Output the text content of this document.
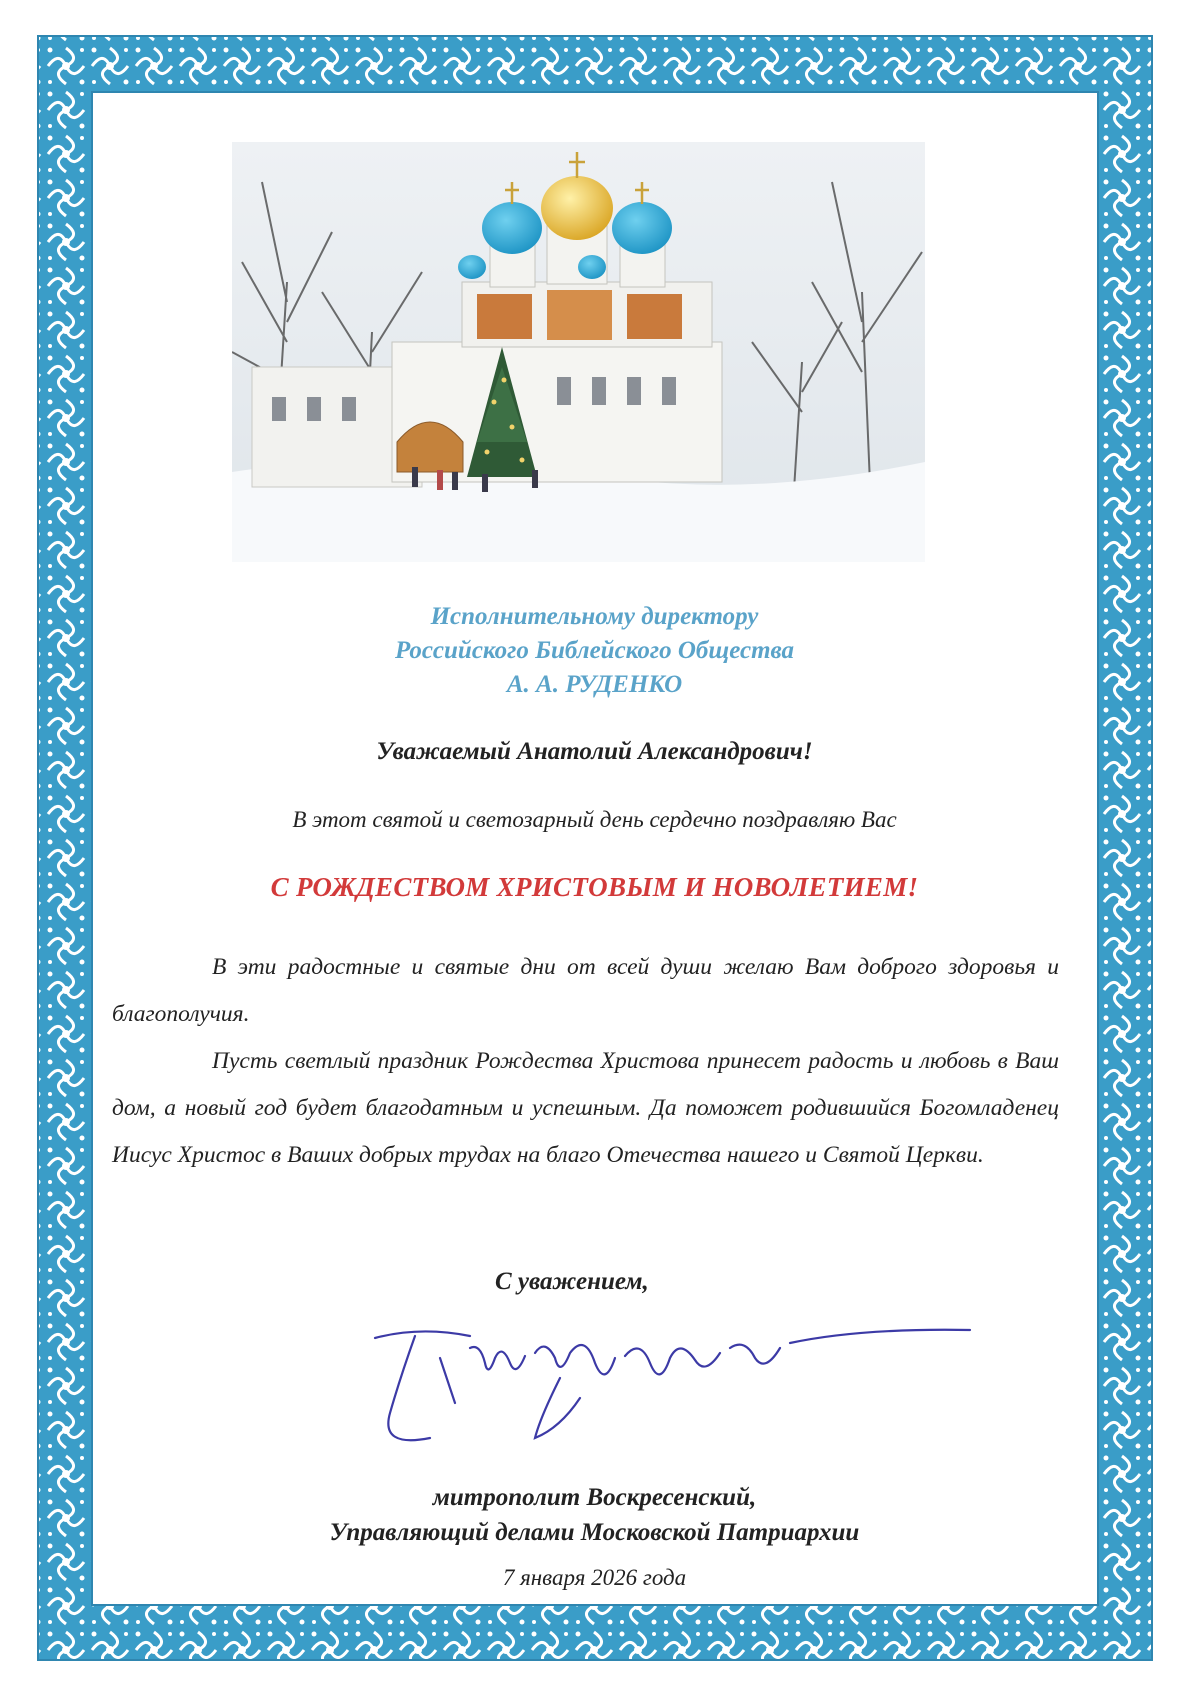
Исполнительному директору
Российского Библейского Общества
А. А. РУДЕНКО
Уважаемый Анатолий Александрович!
В этот святой и светозарный день сердечно поздравляю Вас
С РОЖДЕСТВОМ ХРИСТОВЫМ И НОВОЛЕТИЕМ!

В эти радостные и святые дни от всей души желаю Вам доброго здоровья и благополучия.

Пусть светлый праздник Рождества Христова принесет радость и любовь в Ваш дом, а новый год будет благодатным и успешным. Да поможет родившийся Богомладенец Иисус Христос в Ваших добрых трудах на благо Отечества нашего и Святой Церкви.

С уважением,
митрополит Воскресенский,
Управляющий делами Московской Патриархии
7 января 2026 года
